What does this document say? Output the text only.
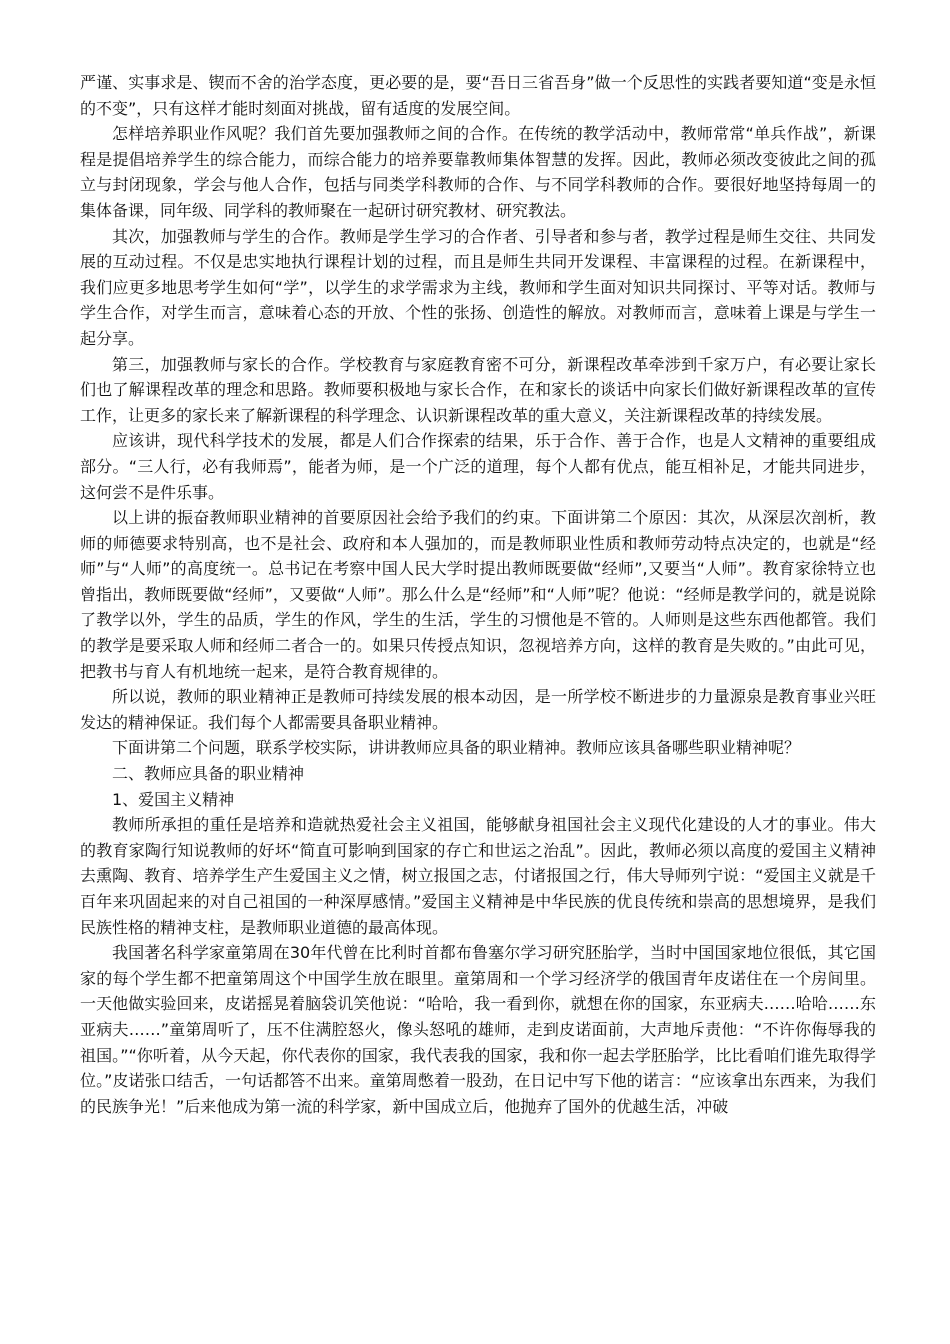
严谨、实事求是、锲而不舍的治学态度，更必要的是，要“吾日三省吾身”做一个反思性的实践者要知道“变是永恒的不变”，只有这样才能时刻面对挑战，留有适度的发展空间。

怎样培养职业作风呢？我们首先要加强教师之间的合作。在传统的教学活动中，教师常常“单兵作战”，新课程是提倡培养学生的综合能力，而综合能力的培养要靠教师集体智慧的发挥。因此，教师必须改变彼此之间的孤立与封闭现象，学会与他人合作，包括与同类学科教师的合作、与不同学科教师的合作。要很好地坚持每周一的集体备课，同年级、同学科的教师聚在一起研讨研究教材、研究教法。

其次，加强教师与学生的合作。教师是学生学习的合作者、引导者和参与者，教学过程是师生交往、共同发展的互动过程。不仅是忠实地执行课程计划的过程，而且是师生共同开发课程、丰富课程的过程。在新课程中，我们应更多地思考学生如何“学”，以学生的求学需求为主线，教师和学生面对知识共同探讨、平等对话。教师与学生合作，对学生而言，意味着心态的开放、个性的张扬、创造性的解放。对教师而言，意味着上课是与学生一起分享。

第三，加强教师与家长的合作。学校教育与家庭教育密不可分，新课程改革牵涉到千家万户，有必要让家长们也了解课程改革的理念和思路。教师要积极地与家长合作，在和家长的谈话中向家长们做好新课程改革的宣传工作，让更多的家长来了解新课程的科学理念、认识新课程改革的重大意义，关注新课程改革的持续发展。

应该讲，现代科学技术的发展，都是人们合作探索的结果，乐于合作、善于合作，也是人文精神的重要组成部分。“三人行，必有我师焉”，能者为师，是一个广泛的道理，每个人都有优点，能互相补足，才能共同进步，这何尝不是件乐事。

以上讲的振奋教师职业精神的首要原因社会给予我们的约束。下面讲第二个原因：其次，从深层次剖析，教师的师德要求特别高，也不是社会、政府和本人强加的，而是教师职业性质和教师劳动特点决定的，也就是“经师”与“人师”的高度统一。总书记在考察中国人民大学时提出教师既要做“经师”,又要当“人师”。教育家徐特立也曾指出，教师既要做“经师”，又要做“人师”。那么什么是“经师”和“人师”呢？他说：“经师是教学问的，就是说除了教学以外，学生的品质，学生的作风，学生的生活，学生的习惯他是不管的。人师则是这些东西他都管。我们的教学是要采取人师和经师二者合一的。如果只传授点知识，忽视培养方向，这样的教育是失败的。”由此可见，把教书与育人有机地统一起来，是符合教育规律的。

所以说，教师的职业精神正是教师可持续发展的根本动因，是一所学校不断进步的力量源泉是教育事业兴旺发达的精神保证。我们每个人都需要具备职业精神。

下面讲第二个问题，联系学校实际，讲讲教师应具备的职业精神。教师应该具备哪些职业精神呢？

二、教师应具备的职业精神

1、爱国主义精神

教师所承担的重任是培养和造就热爱社会主义祖国，能够献身祖国社会主义现代化建设的人才的事业。伟大的教育家陶行知说教师的好坏“简直可影响到国家的存亡和世运之治乱”。因此，教师必须以高度的爱国主义精神去熏陶、教育、培养学生产生爱国主义之情，树立报国之志，付诸报国之行，伟大导师列宁说：“爱国主义就是千百年来巩固起来的对自己祖国的一种深厚感情。”爱国主义精神是中华民族的优良传统和崇高的思想境界，是我们民族性格的精神支柱，是教师职业道德的最高体现。

我国著名科学家童第周在30年代曾在比利时首都布鲁塞尔学习研究胚胎学，当时中国国家地位很低，其它国家的每个学生都不把童第周这个中国学生放在眼里。童第周和一个学习经济学的俄国青年皮诺住在一个房间里。一天他做实验回来，皮诺摇晃着脑袋讥笑他说：“哈哈，我一看到你，就想在你的国家，东亚病夫……哈哈……东亚病夫……”童第周听了，压不住满腔怒火，像头怒吼的雄师，走到皮诺面前，大声地斥责他：“不许你侮辱我的祖国。”“你听着，从今天起，你代表你的国家，我代表我的国家，我和你一起去学胚胎学，比比看咱们谁先取得学位。”皮诺张口结舌，一句话都答不出来。童第周憋着一股劲，在日记中写下他的诺言：“应该拿出东西来，为我们的民族争光！”后来他成为第一流的科学家，新中国成立后，他抛弃了国外的优越生活，冲破
